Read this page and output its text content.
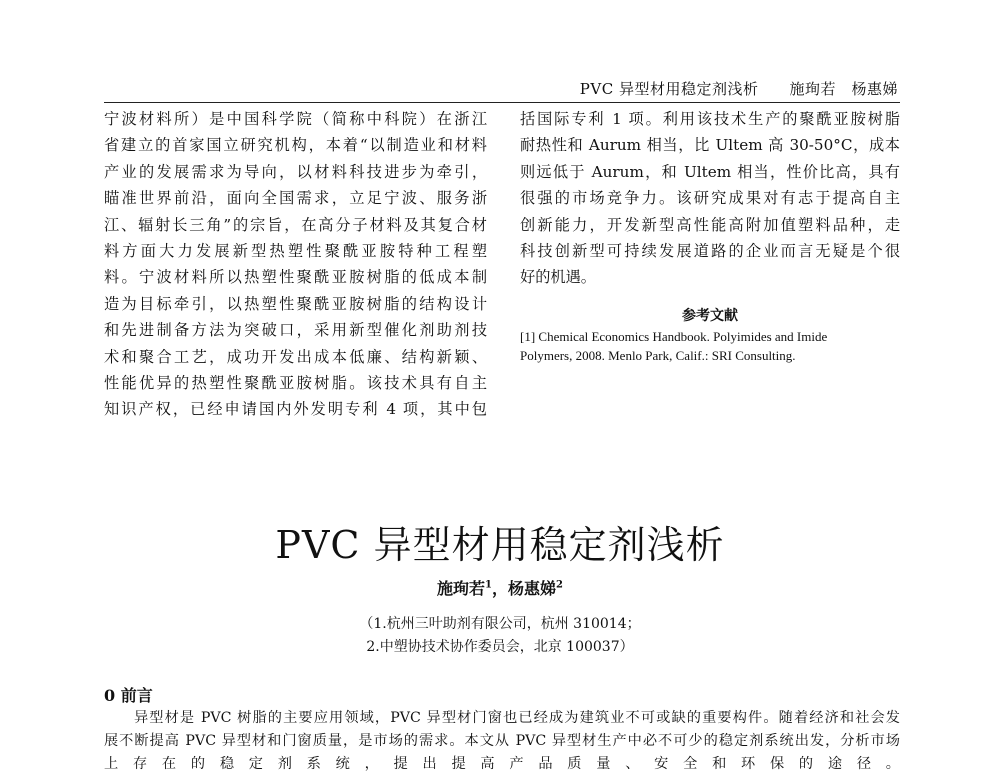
PVC 异型材用稳定剂浅析　　 施珣若　杨惠娣
宁波材料所）是中国科学院（简称中科院）在浙江
省建立的首家国立研究机构，本着“以制造业和材料
产业的发展需求为导向，以材料科技进步为牵引，
瞄准世界前沿，面向全国需求，立足宁波、服务浙
江、辐射长三角”的宗旨，在高分子材料及其复合材
料方面大力发展新型热塑性聚酰亚胺特种工程塑
料。宁波材料所以热塑性聚酰亚胺树脂的低成本制
造为目标牵引，以热塑性聚酰亚胺树脂的结构设计
和先进制备方法为突破口，采用新型催化剂助剂技
术和聚合工艺，成功开发出成本低廉、结构新颖、
性能优异的热塑性聚酰亚胺树脂。该技术具有自主
知识产权，已经申请国内外发明专利 4 项，其中包
括国际专利 1 项。利用该技术生产的聚酰亚胺树脂
耐热性和 Aurum 相当，比 Ultem 高 30-50°C，成本
则远低于 Aurum，和 Ultem 相当，性价比高，具有
很强的市场竞争力。该研究成果对有志于提高自主
创新能力，开发新型高性能高附加值塑料品种，走
科技创新型可持续发展道路的企业而言无疑是个很
好的机遇。
参考文献
[1] Chemical Economics Handbook. Polyimides and Imide
Polymers, 2008. Menlo Park, Calif.: SRI Consulting.
PVC 异型材用稳定剂浅析
施珣若$^1$，杨惠娣$^2$
（1.杭州三叶助剂有限公司，杭州 310014；
2.中塑协技术协作委员会，北京 100037）
0 前言
异型材是 PVC 树脂的主要应用领域，PVC 异型材门窗也已经成为建筑业不可或缺的重要构件。随着经济和社会发
展不断提高 PVC 异型材和门窗质量，是市场的需求。本文从 PVC 异型材生产中必不可少的稳定剂系统出发，分析市场
上存在的稳定剂系统，提出提高产品质量、安全和环保的途径。
